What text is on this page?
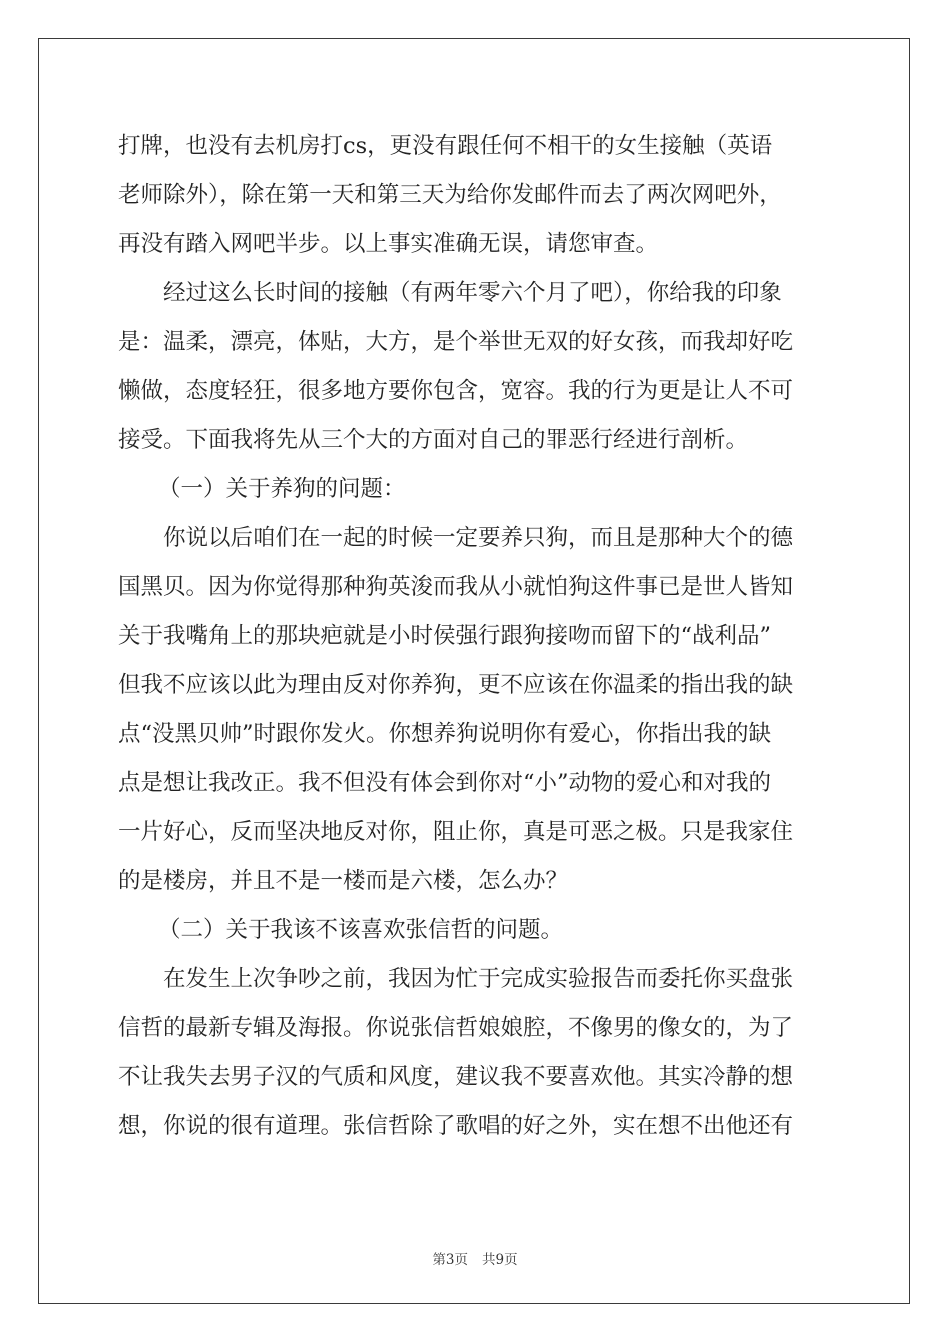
打牌，也没有去机房打cs，更没有跟任何不相干的女生接触（英语
老师除外），除在第一天和第三天为给你发邮件而去了两次网吧外，
再没有踏入网吧半步。以上事实准确无误，请您审查。
经过这么长时间的接触（有两年零六个月了吧），你给我的印象
是：温柔，漂亮，体贴，大方，是个举世无双的好女孩，而我却好吃
懒做，态度轻狂，很多地方要你包含，宽容。我的行为更是让人不可
接受。下面我将先从三个大的方面对自己的罪恶行经进行剖析。
（一）关于养狗的问题：
你说以后咱们在一起的时候一定要养只狗，而且是那种大个的德
国黑贝。因为你觉得那种狗英浚而我从小就怕狗这件事已是世人皆知
关于我嘴角上的那块疤就是小时侯强行跟狗接吻而留下的“战利品”
但我不应该以此为理由反对你养狗，更不应该在你温柔的指出我的缺
点“没黑贝帅”时跟你发火。你想养狗说明你有爱心，你指出我的缺
点是想让我改正。我不但没有体会到你对“小”动物的爱心和对我的
一片好心，反而坚决地反对你，阻止你，真是可恶之极。只是我家住
的是楼房，并且不是一楼而是六楼，怎么办？
（二）关于我该不该喜欢张信哲的问题。
在发生上次争吵之前，我因为忙于完成实验报告而委托你买盘张
信哲的最新专辑及海报。你说张信哲娘娘腔，不像男的像女的，为了
不让我失去男子汉的气质和风度，建议我不要喜欢他。其实冷静的想
想，你说的很有道理。张信哲除了歌唱的好之外，实在想不出他还有
第3页 共9页
